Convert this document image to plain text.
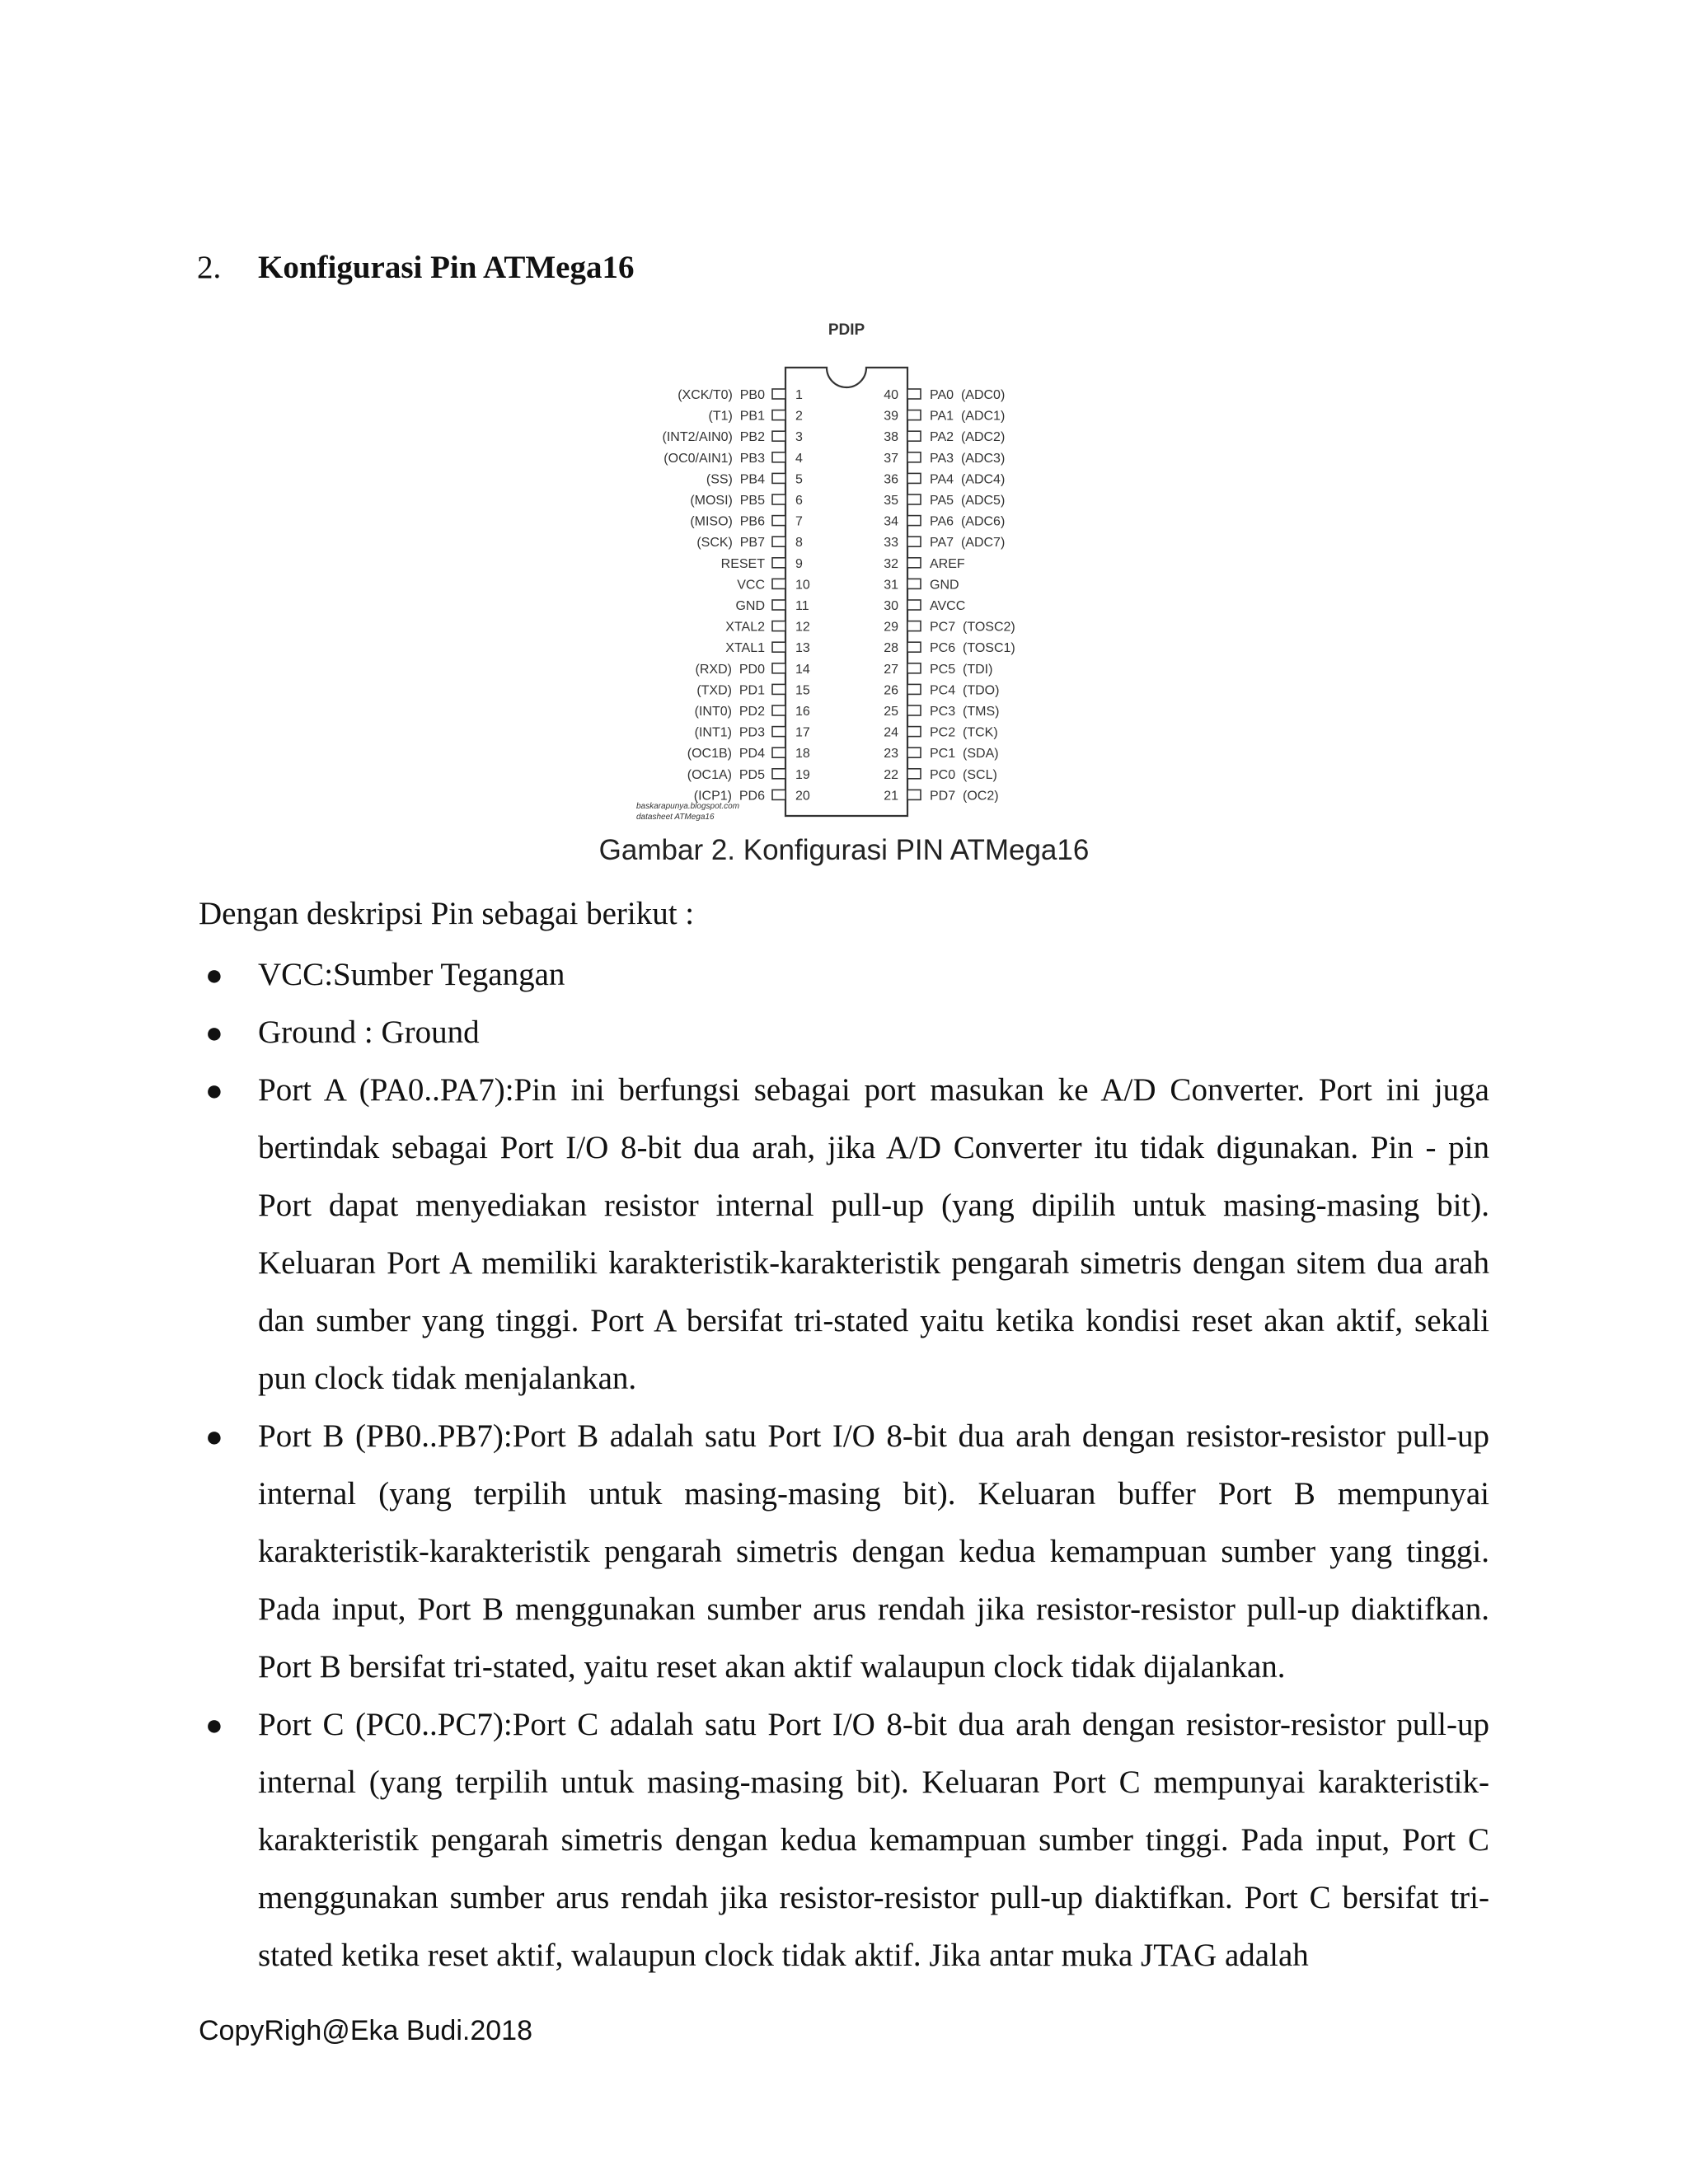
2. Konfigurasi Pin ATMega16
PDIP
1
(XCK/T0)  PB0
2
(T1)  PB1
3
(INT2/AIN0)  PB2
4
(OC0/AIN1)  PB3
5
(SS)  PB4
6
(MOSI)  PB5
7
(MISO)  PB6
8
(SCK)  PB7
9
RESET
10
VCC
11
GND
12
XTAL2
13
XTAL1
14
(RXD)  PD0
15
(TXD)  PD1
16
(INT0)  PD2
17
(INT1)  PD3
18
(OC1B)  PD4
19
(OC1A)  PD5
20
(ICP1)  PD6
40 PA0  (ADC0)
39 PA1  (ADC1)
38 PA2  (ADC2)
37 PA3  (ADC3)
36 PA4  (ADC4)
35 PA5  (ADC5)
34 PA6  (ADC6)
33 PA7  (ADC7)
32 AREF
31 GND
30 AVCC
29 PC7  (TOSC2)
28 PC6  (TOSC1)
27 PC5  (TDI)
26 PC4  (TDO)
25 PC3  (TMS)
24 PC2  (TCK)
23 PC1  (SDA)
22 PC0  (SCL)
21 PD7  (OC2)
baskarapunya.blogspot.com
datasheet ATMega16
Gambar 2. Konfigurasi PIN ATMega16
Dengan deskripsi Pin sebagai berikut :
● VCC:Sumber Tegangan
● Ground : Ground
● Port A (PA0..PA7):Pin ini berfungsi sebagai port masukan ke A/D Converter. Port ini juga bertindak sebagai Port I/O 8-bit dua arah, jika A/D Converter itu tidak digunakan. Pin - pin Port dapat menyediakan resistor internal pull-up (yang dipilih untuk masing-masing bit). Keluaran Port A memiliki karakteristik-karakteristik pengarah simetris dengan sitem dua arah dan sumber yang tinggi. Port A bersifat tri-stated yaitu ketika kondisi reset akan aktif, sekali pun clock tidak menjalankan.
● Port B (PB0..PB7):Port B adalah satu Port I/O 8-bit dua arah dengan resistor-resistor pull-up internal (yang terpilih untuk masing-masing bit). Keluaran buffer Port B mempunyai karakteristik-karakteristik pengarah simetris dengan kedua kemampuan sumber yang tinggi. Pada input, Port B menggunakan sumber arus rendah jika resistor-resistor pull-up diaktifkan. Port B bersifat tri-stated, yaitu reset akan aktif walaupun clock tidak dijalankan.
● Port C (PC0..PC7):Port C adalah satu Port I/O 8-bit dua arah dengan resistor-resistor pull-up internal (yang terpilih untuk masing-masing bit). Keluaran Port C mempunyai karakteristik-karakteristik pengarah simetris dengan kedua kemampuan sumber tinggi. Pada input, Port C menggunakan sumber arus rendah jika resistor-resistor pull-up diaktifkan. Port C bersifat tri-stated ketika reset aktif, walaupun clock tidak aktif. Jika antar muka JTAG adalah
CopyRigh@Eka Budi.2018
